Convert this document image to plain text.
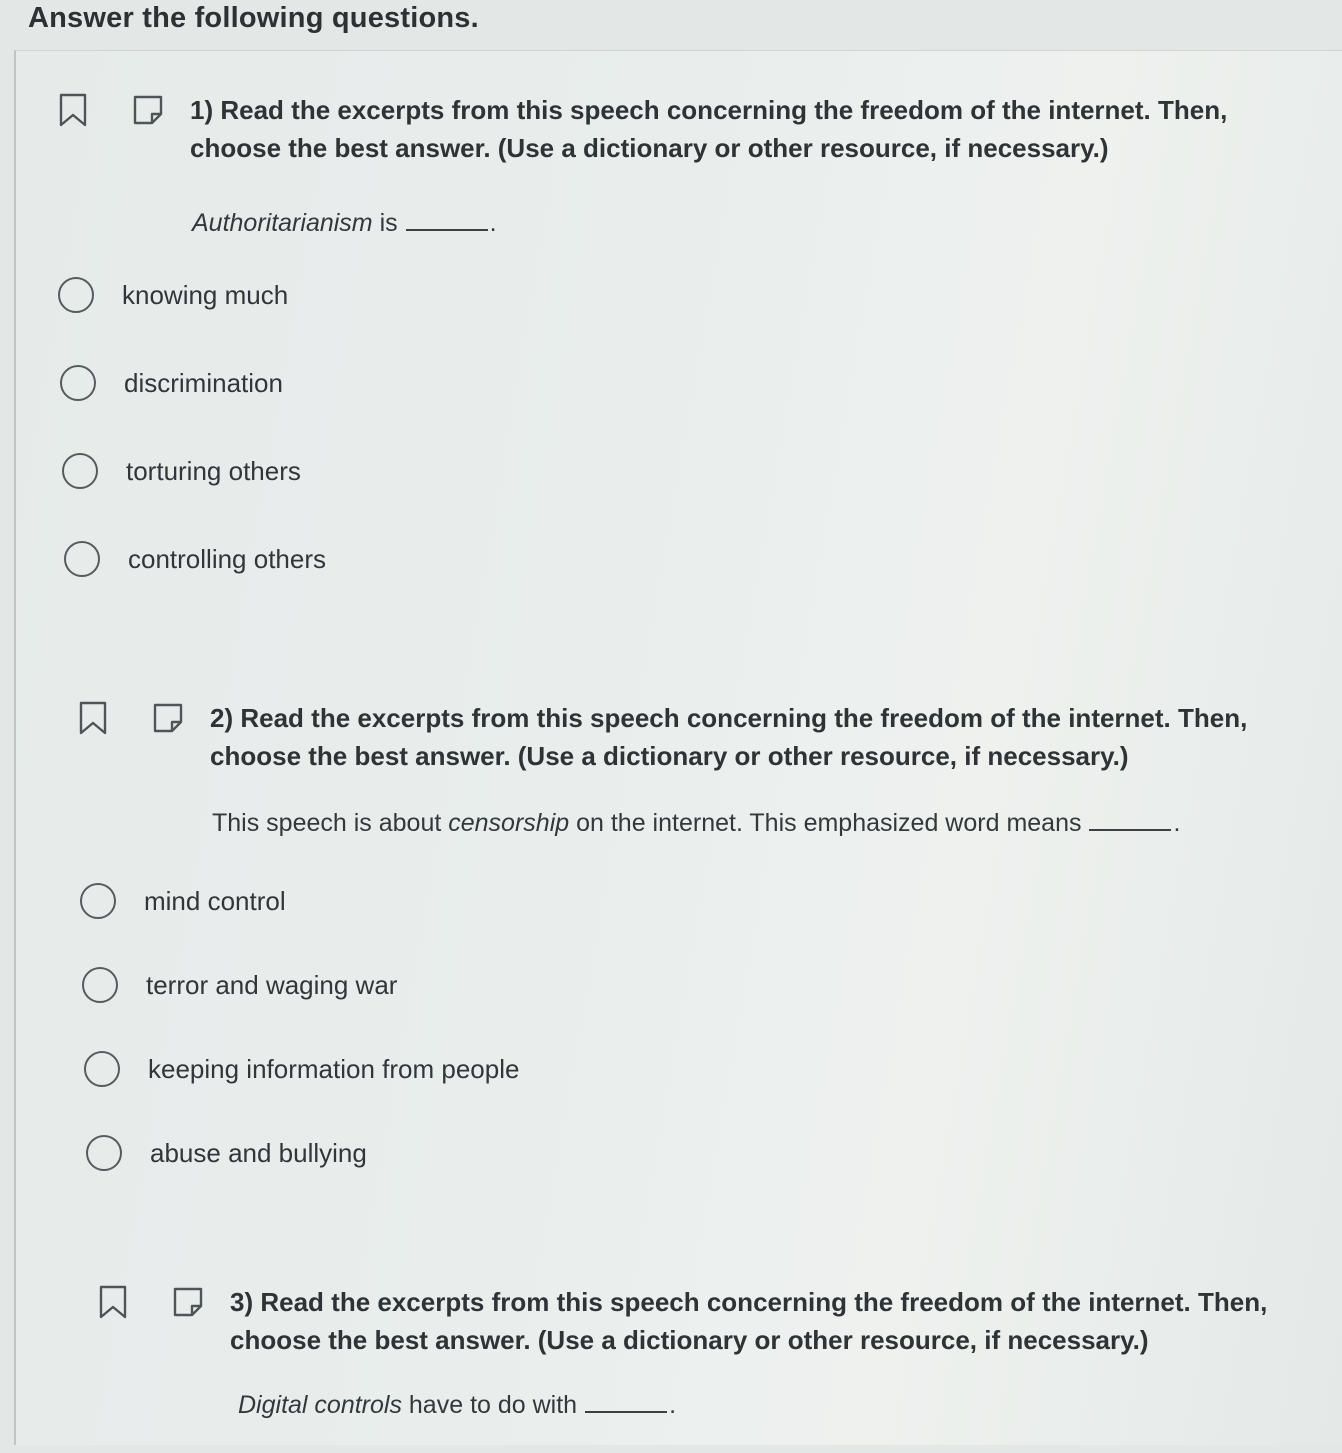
Answer the following questions.
1) Read the excerpts from this speech concerning the freedom of the internet. Then, choose the best answer. (Use a dictionary or other resource, if necessary.)
Authoritarianism is	.
knowing much
discrimination
torturing others
controlling others
2) Read the excerpts from this speech concerning the freedom of the internet. Then, choose the best answer. (Use a dictionary or other resource, if necessary.)
This speech is about censorship on the internet. This emphasized word means	.
mind control
terror and waging war
keeping information from people
abuse and bullying
3) Read the excerpts from this speech concerning the freedom of the internet. Then, choose the best answer. (Use a dictionary or other resource, if necessary.)
Digital controls have to do with	.
